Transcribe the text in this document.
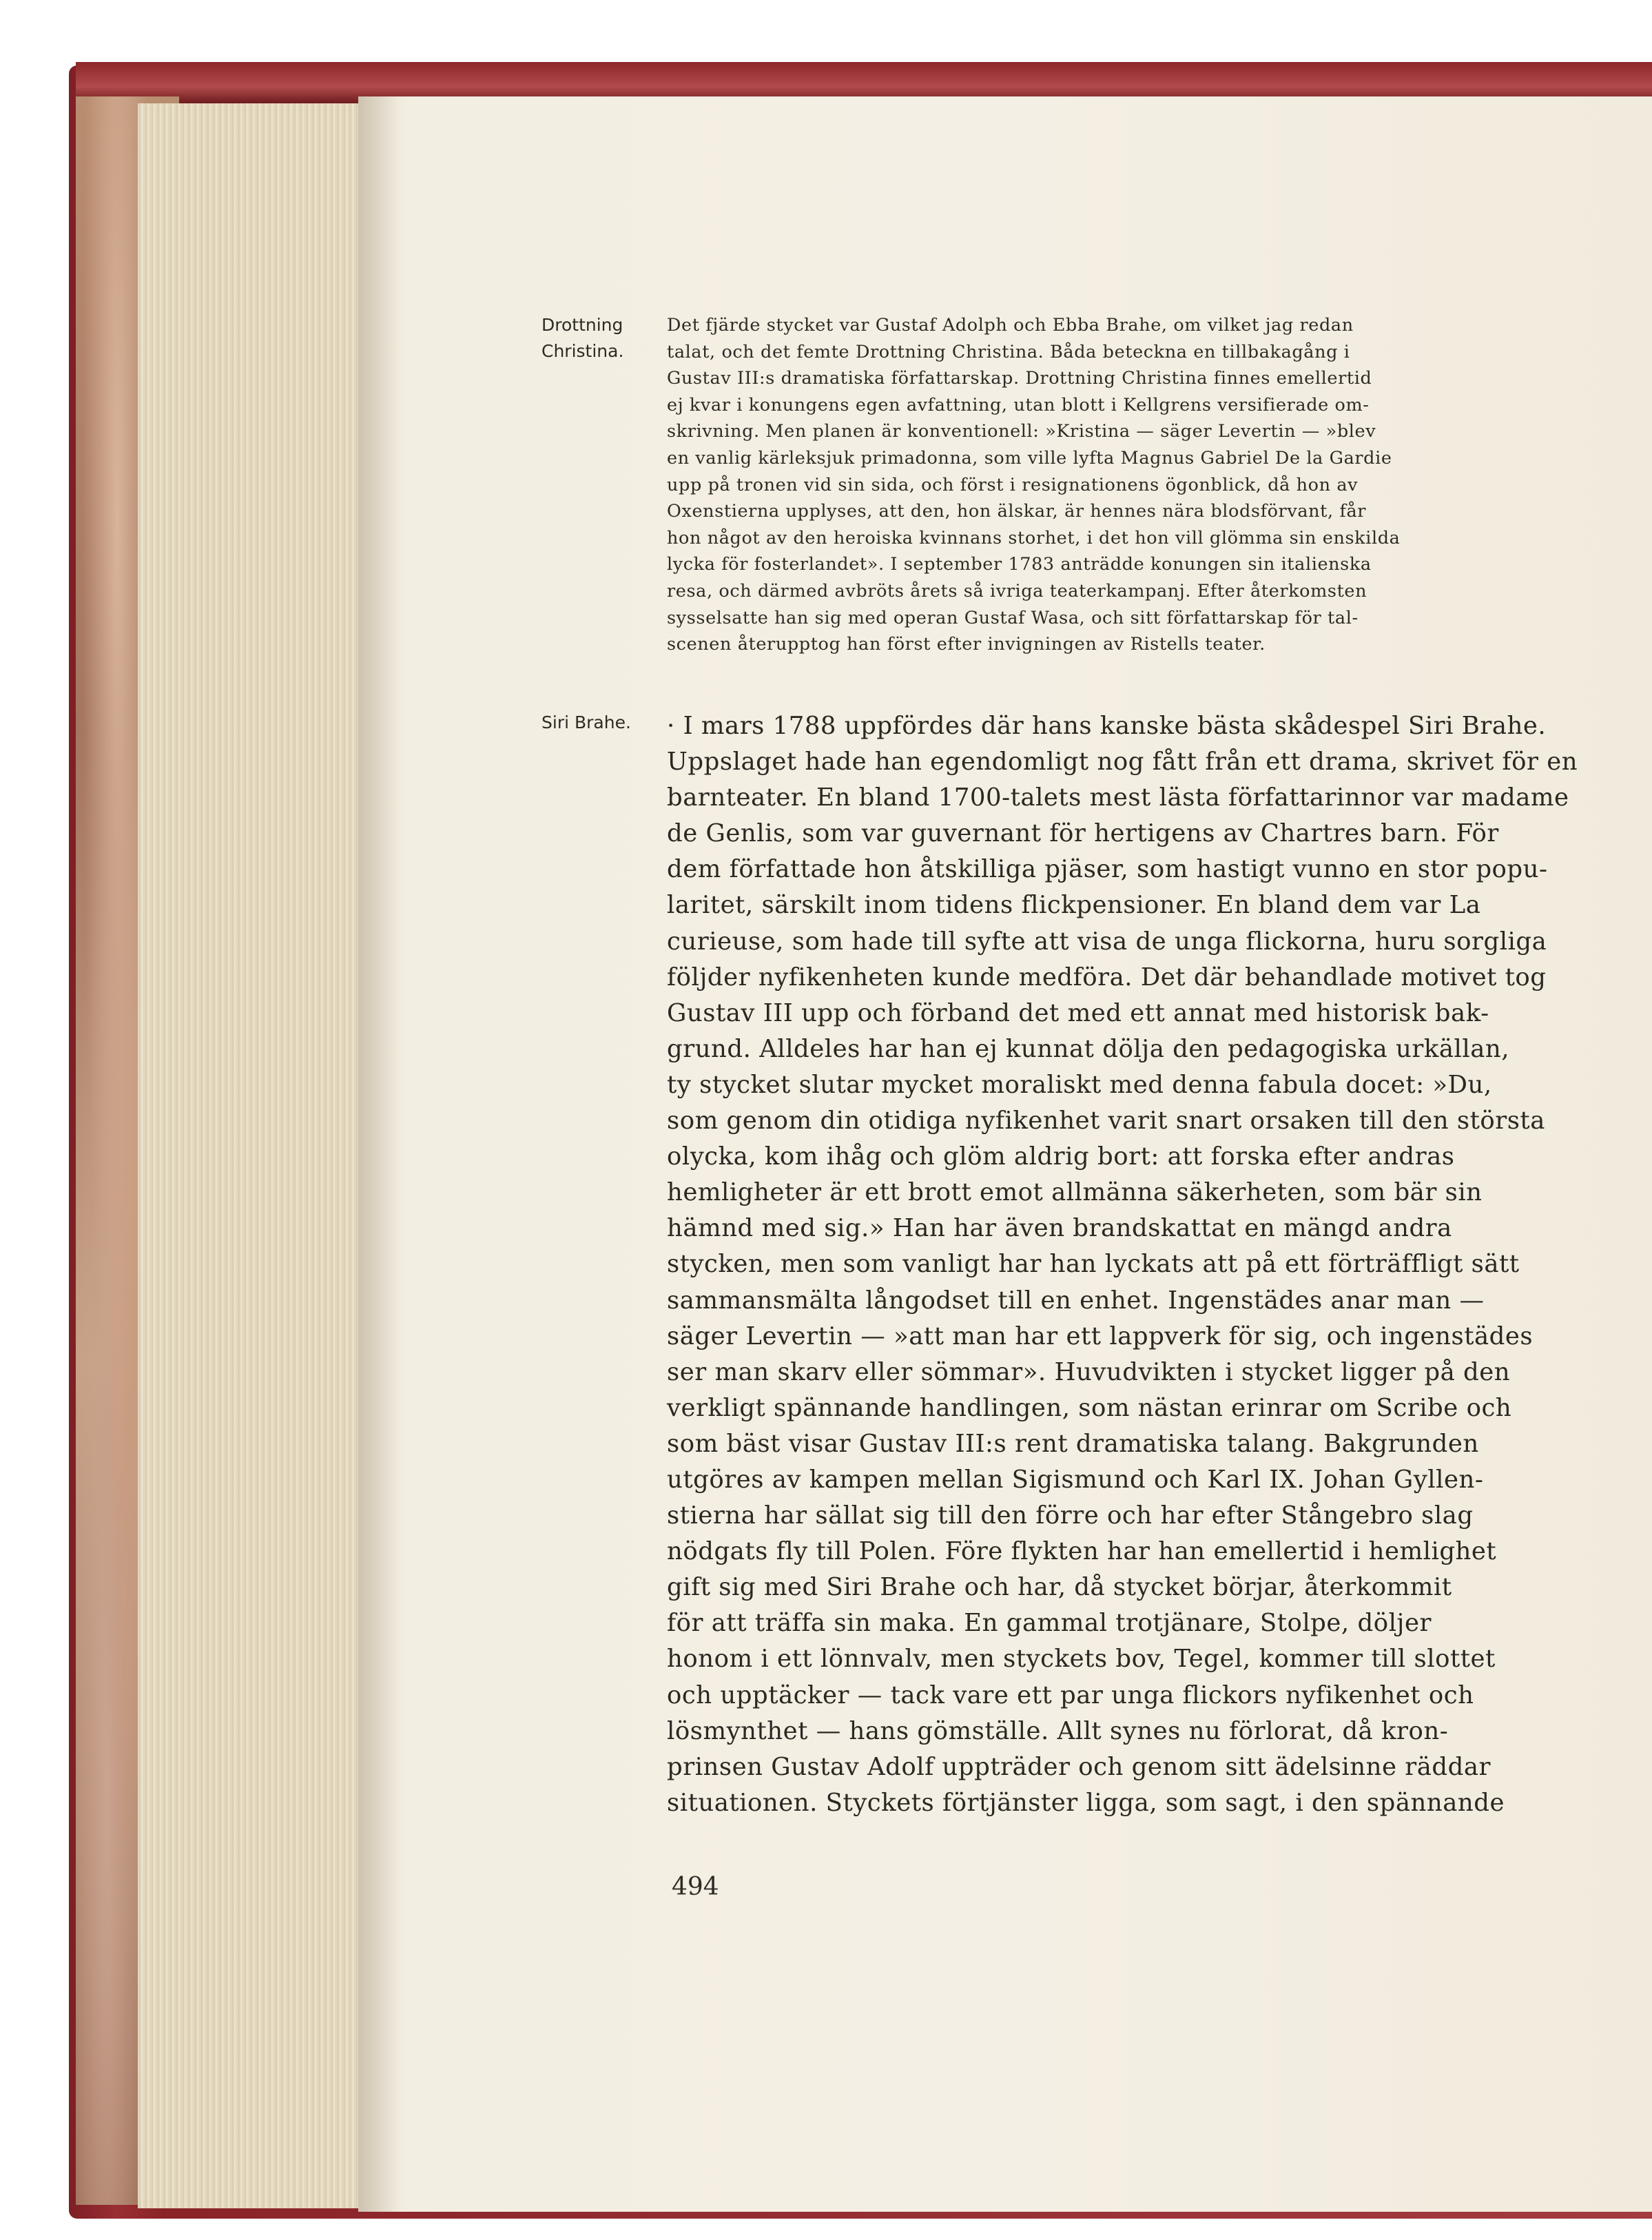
Drottning
Christina.
Siri Brahe.
Det fjärde stycket var Gustaf Adolph och Ebba Brahe, om vilket jag redan
talat, och det femte Drottning Christina. Båda beteckna en tillbakagång i
Gustav III:s dramatiska författarskap. Drottning Christina finnes emellertid
ej kvar i konungens egen avfattning, utan blott i Kellgrens versifierade om-
skrivning. Men planen är konventionell: »Kristina — säger Levertin — »blev
en vanlig kärleksjuk primadonna, som ville lyfta Magnus Gabriel De la Gardie
upp på tronen vid sin sida, och först i resignationens ögonblick, då hon av
Oxenstierna upplyses, att den, hon älskar, är hennes nära blodsförvant, får
hon något av den heroiska kvinnans storhet, i det hon vill glömma sin enskilda
lycka för fosterlandet». I september 1783 anträdde konungen sin italienska
resa, och därmed avbröts årets så ivriga teaterkampanj. Efter återkomsten
sysselsatte han sig med operan Gustaf Wasa, och sitt författarskap för tal-
scenen återupptog han först efter invigningen av Ristells teater.
· I mars 1788 uppfördes där hans kanske bästa skådespel Siri Brahe.
Uppslaget hade han egendomligt nog fått från ett drama, skrivet för en
barnteater. En bland 1700-talets mest lästa författarinnor var madame
de Genlis, som var guvernant för hertigens av Chartres barn. För
dem författade hon åtskilliga pjäser, som hastigt vunno en stor popu-
laritet, särskilt inom tidens flickpensioner. En bland dem var La
curieuse, som hade till syfte att visa de unga flickorna, huru sorgliga
följder nyfikenheten kunde medföra. Det där behandlade motivet tog
Gustav III upp och förband det med ett annat med historisk bak-
grund. Alldeles har han ej kunnat dölja den pedagogiska urkällan,
ty stycket slutar mycket moraliskt med denna fabula docet: »Du,
som genom din otidiga nyfikenhet varit snart orsaken till den största
olycka, kom ihåg och glöm aldrig bort: att forska efter andras
hemligheter är ett brott emot allmänna säkerheten, som bär sin
hämnd med sig.» Han har även brandskattat en mängd andra
stycken, men som vanligt har han lyckats att på ett förträffligt sätt
sammansmälta långodset till en enhet. Ingenstädes anar man —
säger Levertin — »att man har ett lappverk för sig, och ingenstädes
ser man skarv eller sömmar». Huvudvikten i stycket ligger på den
verkligt spännande handlingen, som nästan erinrar om Scribe och
som bäst visar Gustav III:s rent dramatiska talang. Bakgrunden
utgöres av kampen mellan Sigismund och Karl IX. Johan Gyllen-
stierna har sällat sig till den förre och har efter Stångebro slag
nödgats fly till Polen. Före flykten har han emellertid i hemlighet
gift sig med Siri Brahe och har, då stycket börjar, återkommit
för att träffa sin maka. En gammal trotjänare, Stolpe, döljer
honom i ett lönnvalv, men styckets bov, Tegel, kommer till slottet
och upptäcker — tack vare ett par unga flickors nyfikenhet och
lösmynthet — hans gömställe. Allt synes nu förlorat, då kron-
prinsen Gustav Adolf uppträder och genom sitt ädelsinne räddar
situationen. Styckets förtjänster ligga, som sagt, i den spännande
494
